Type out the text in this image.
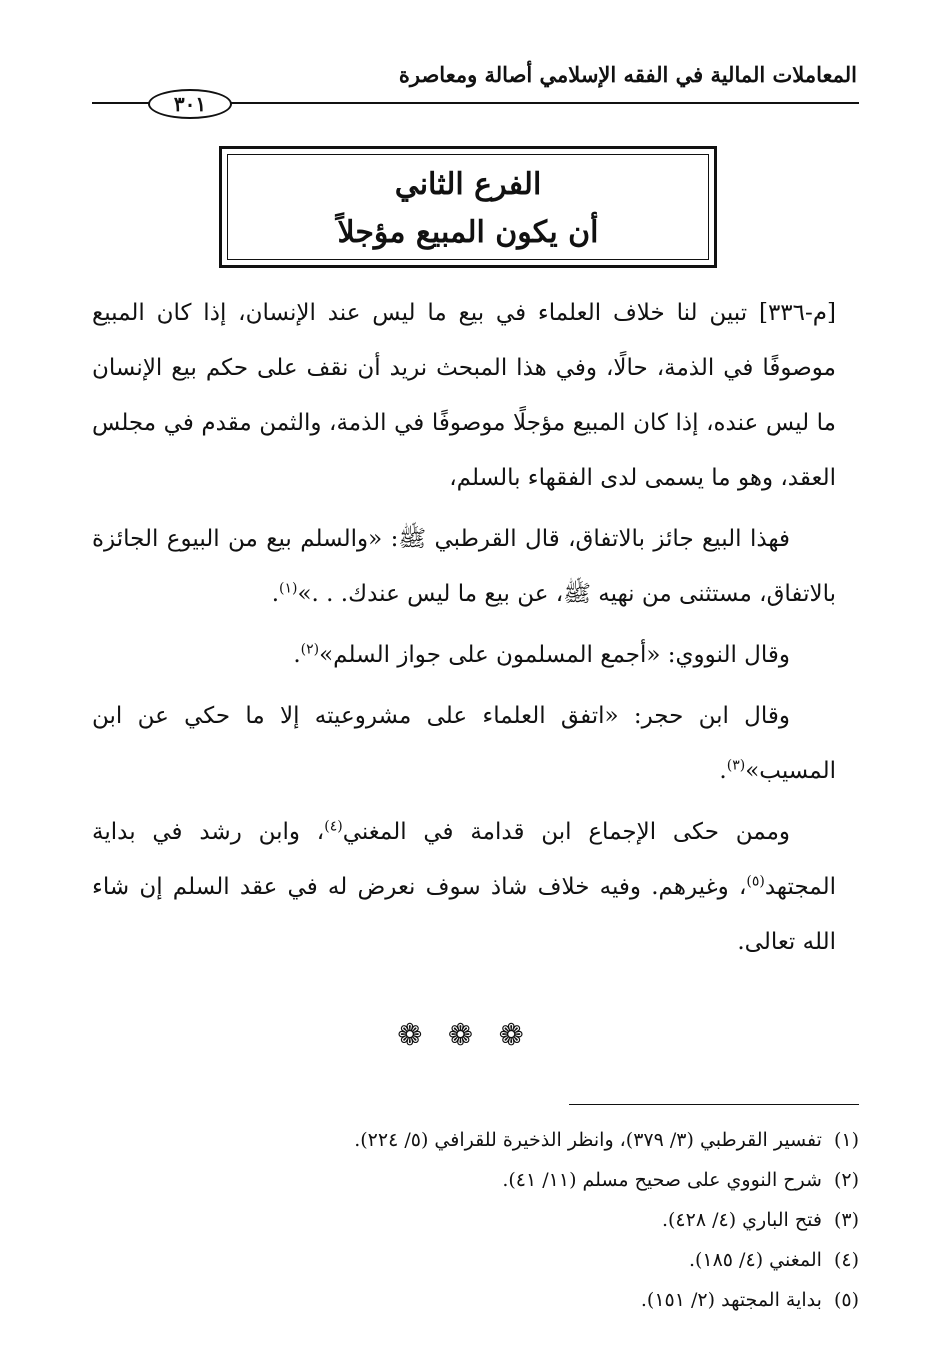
المعاملات المالية في الفقه الإسلامي أصالة ومعاصرة
٣٠١
الفرع الثاني
أن يكون المبيع مؤجلاً

[م-٣٣٦] تبين لنا خلاف العلماء في بيع ما ليس عند الإنسان، إذا كان المبيع موصوفًا في الذمة، حالًا، وفي هذا المبحث نريد أن نقف على حكم بيع الإنسان ما ليس عنده، إذا كان المبيع مؤجلًا موصوفًا في الذمة، والثمن مقدم في مجلس العقد، وهو ما يسمى لدى الفقهاء بالسلم،

فهذا البيع جائز بالاتفاق، قال القرطبي ﷺ: «والسلم بيع من البيوع الجائزة بالاتفاق، مستثنى من نهيه ﷺ، عن بيع ما ليس عندك. . .»$^{(١)}$.

وقال النووي: «أجمع المسلمون على جواز السلم»$^{(٢)}$.

وقال ابن حجر: «اتفق العلماء على مشروعيته إلا ما حكي عن ابن المسيب»$^{(٣)}$.

وممن حكى الإجماع ابن قدامة في المغني$^{(٤)}$، وابن رشد في بداية المجتهد$^{(٥)}$، وغيرهم. وفيه خلاف شاذ سوف نعرض له في عقد السلم إن شاء الله تعالى.

❁ ❁ ❁
(١)تفسير القرطبي (٣/ ٣٧٩)، وانظر الذخيرة للقرافي (٥/ ٢٢٤).
(٢)شرح النووي على صحيح مسلم (١١/ ٤١).
(٣)فتح الباري (٤/ ٤٢٨).
(٤)المغني (٤/ ١٨٥).
(٥)بداية المجتهد (٢/ ١٥١).
